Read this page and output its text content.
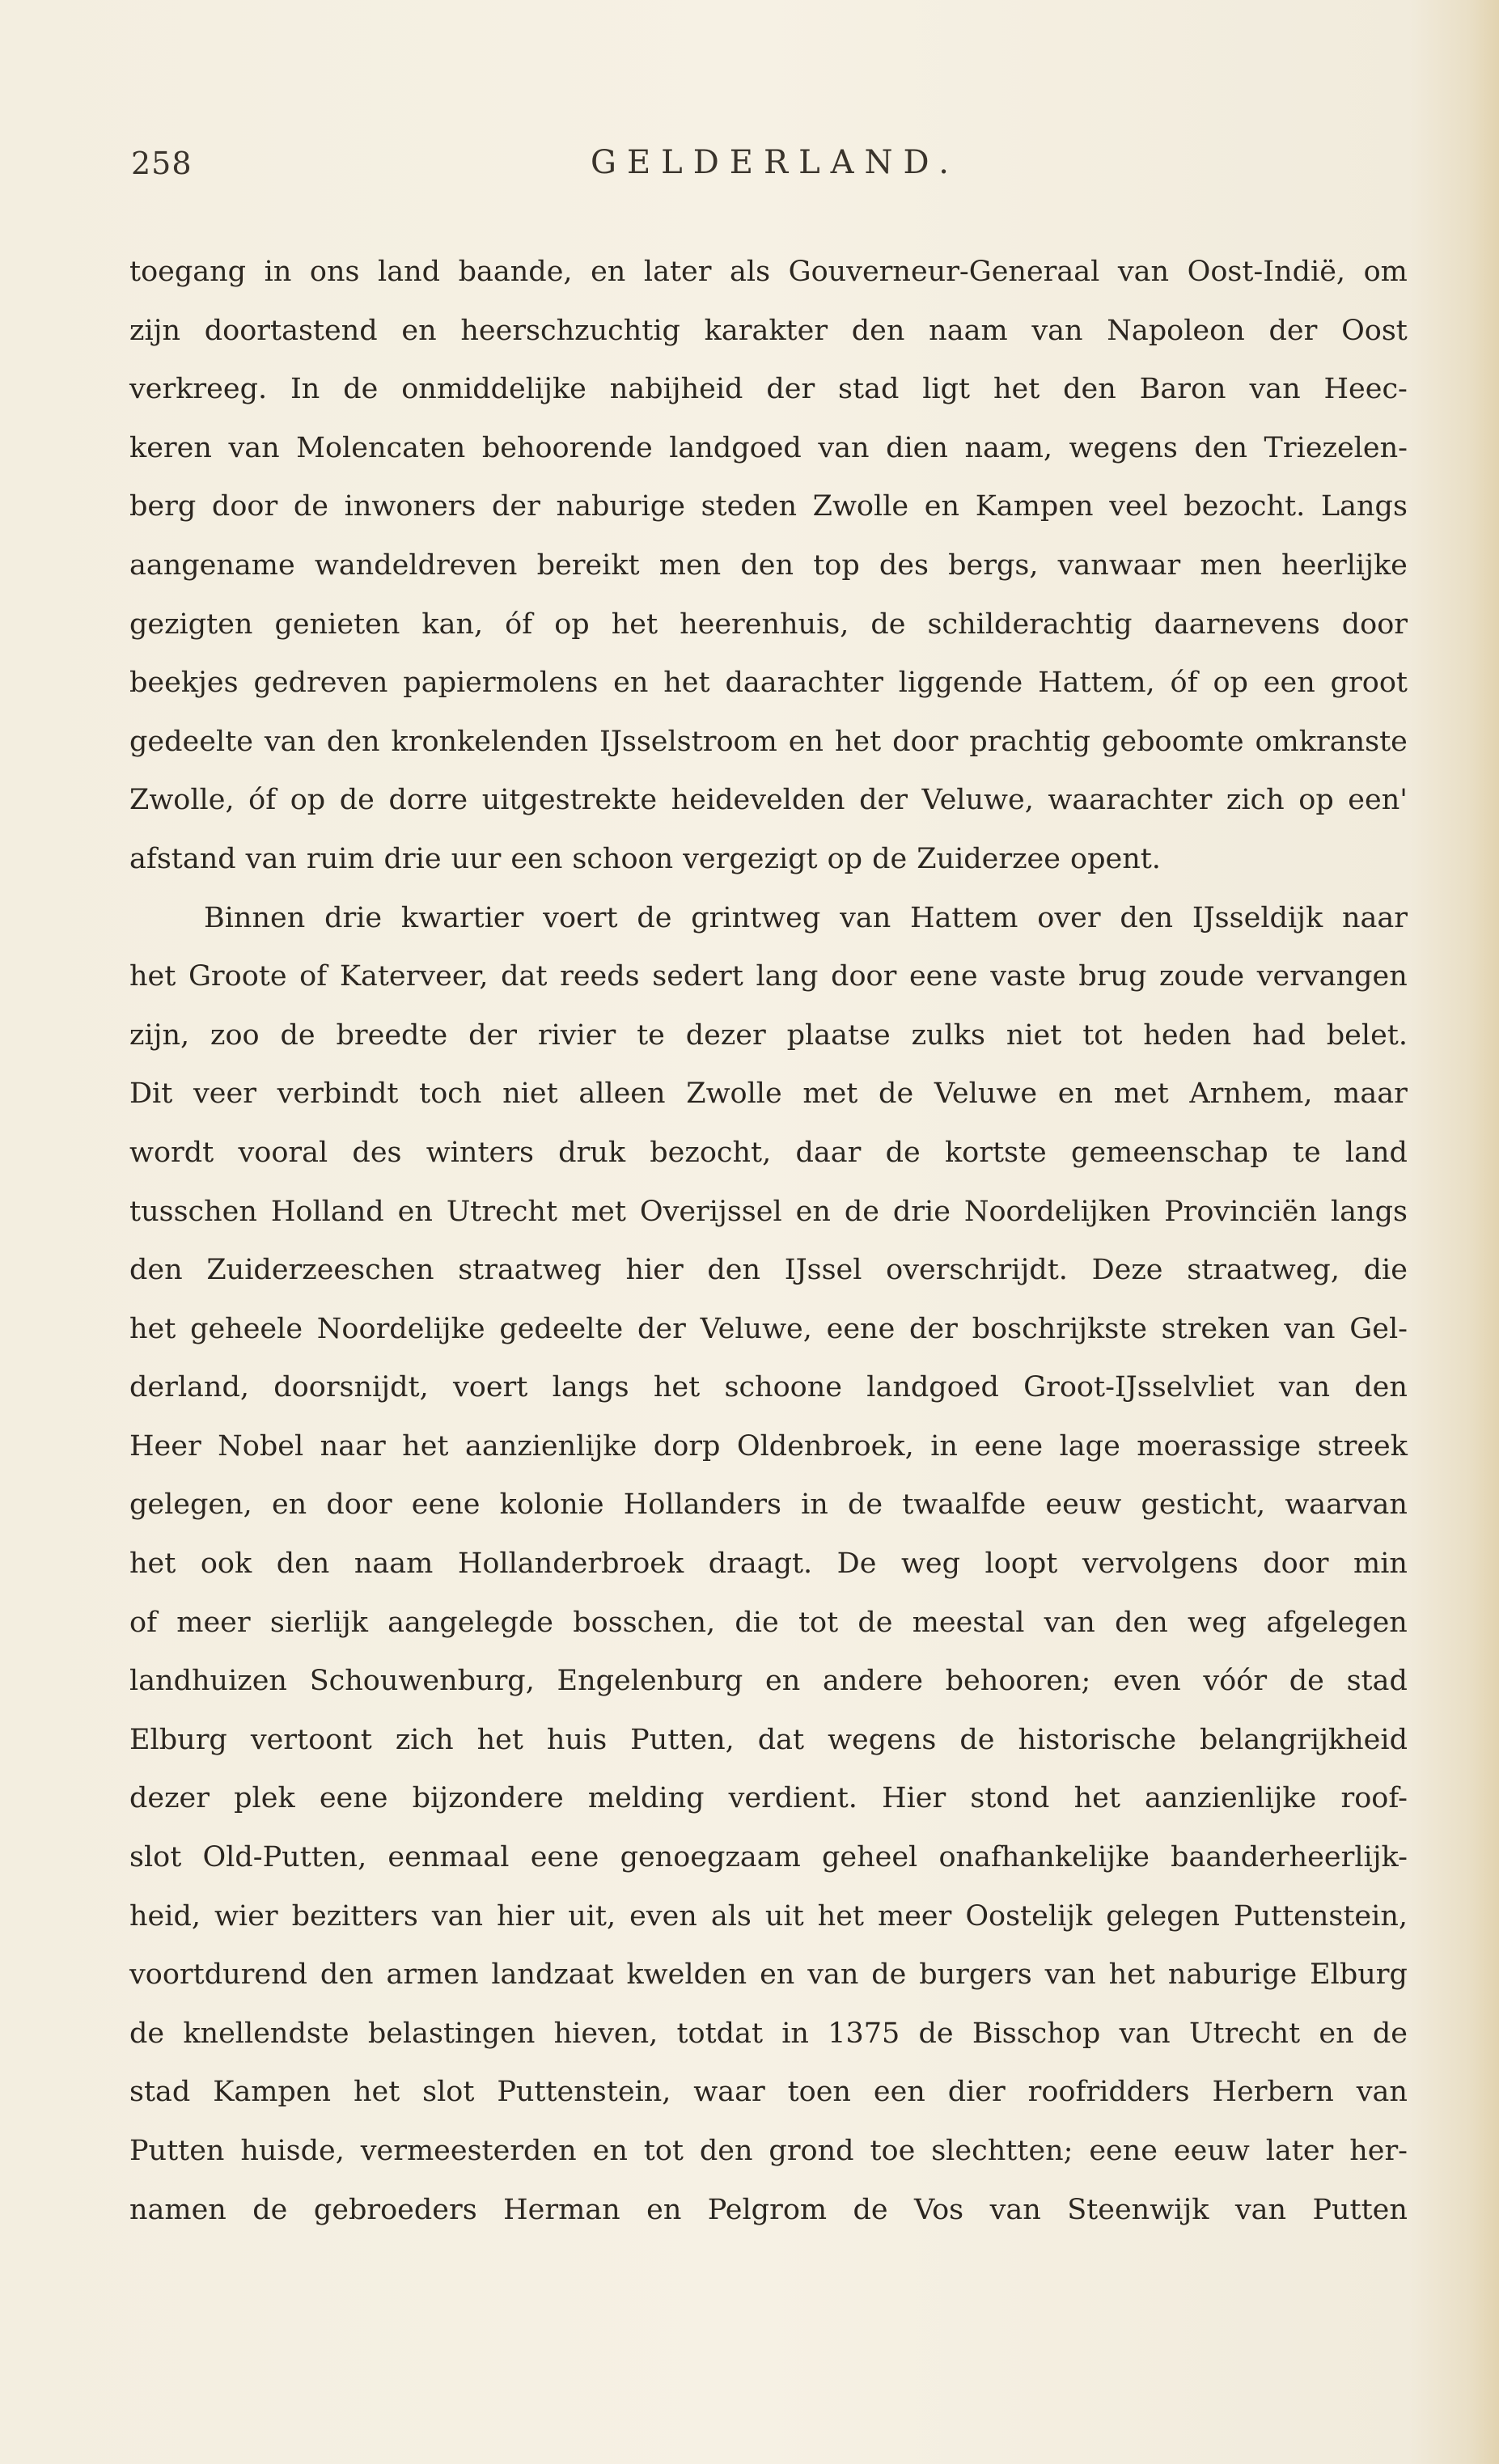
258	GELDERLAND.
toegang in ons land baande, en later als Gouverneur-Generaal van Oost-Indië, om
zijn doortastend en heerschzuchtig karakter den naam van Napoleon der Oost
verkreeg. In de onmiddelijke nabijheid der stad ligt het den Baron van Heec-
keren van Molencaten behoorende landgoed van dien naam, wegens den Triezelen-
berg door de inwoners der naburige steden Zwolle en Kampen veel bezocht. Langs
aangename wandeldreven bereikt men den top des bergs, vanwaar men heerlijke
gezigten genieten kan, óf op het heerenhuis, de schilderachtig daarnevens door
beekjes gedreven papiermolens en het daarachter liggende Hattem, óf op een groot
gedeelte van den kronkelenden IJsselstroom en het door prachtig geboomte omkranste
Zwolle, óf op de dorre uitgestrekte heidevelden der Veluwe, waarachter zich op een'
afstand van ruim drie uur een schoon vergezigt op de Zuiderzee opent.
Binnen drie kwartier voert de grintweg van Hattem over den IJsseldijk naar
het Groote of Katerveer, dat reeds sedert lang door eene vaste brug zoude vervangen
zijn, zoo de breedte der rivier te dezer plaatse zulks niet tot heden had belet.
Dit veer verbindt toch niet alleen Zwolle met de Veluwe en met Arnhem, maar
wordt vooral des winters druk bezocht, daar de kortste gemeenschap te land
tusschen Holland en Utrecht met Overijssel en de drie Noordelijken Provinciën langs
den Zuiderzeeschen straatweg hier den IJssel overschrijdt. Deze straatweg, die
het geheele Noordelijke gedeelte der Veluwe, eene der boschrijkste streken van Gel-
derland, doorsnijdt, voert langs het schoone landgoed Groot-IJsselvliet van den
Heer Nobel naar het aanzienlijke dorp Oldenbroek, in eene lage moerassige streek
gelegen, en door eene kolonie Hollanders in de twaalfde eeuw gesticht, waarvan
het ook den naam Hollanderbroek draagt. De weg loopt vervolgens door min
of meer sierlijk aangelegde bosschen, die tot de meestal van den weg afgelegen
landhuizen Schouwenburg, Engelenburg en andere behooren; even vóór de stad
Elburg vertoont zich het huis Putten, dat wegens de historische belangrijkheid
dezer plek eene bijzondere melding verdient. Hier stond het aanzienlijke roof-
slot Old-Putten, eenmaal eene genoegzaam geheel onafhankelijke baanderheerlijk-
heid, wier bezitters van hier uit, even als uit het meer Oostelijk gelegen Puttenstein,
voortdurend den armen landzaat kwelden en van de burgers van het naburige Elburg
de knellendste belastingen hieven, totdat in 1375 de Bisschop van Utrecht en de
stad Kampen het slot Puttenstein, waar toen een dier roofridders Herbern van
Putten huisde, vermeesterden en tot den grond toe slechtten; eene eeuw later her-
namen de gebroeders Herman en Pelgrom de Vos van Steenwijk van Putten
